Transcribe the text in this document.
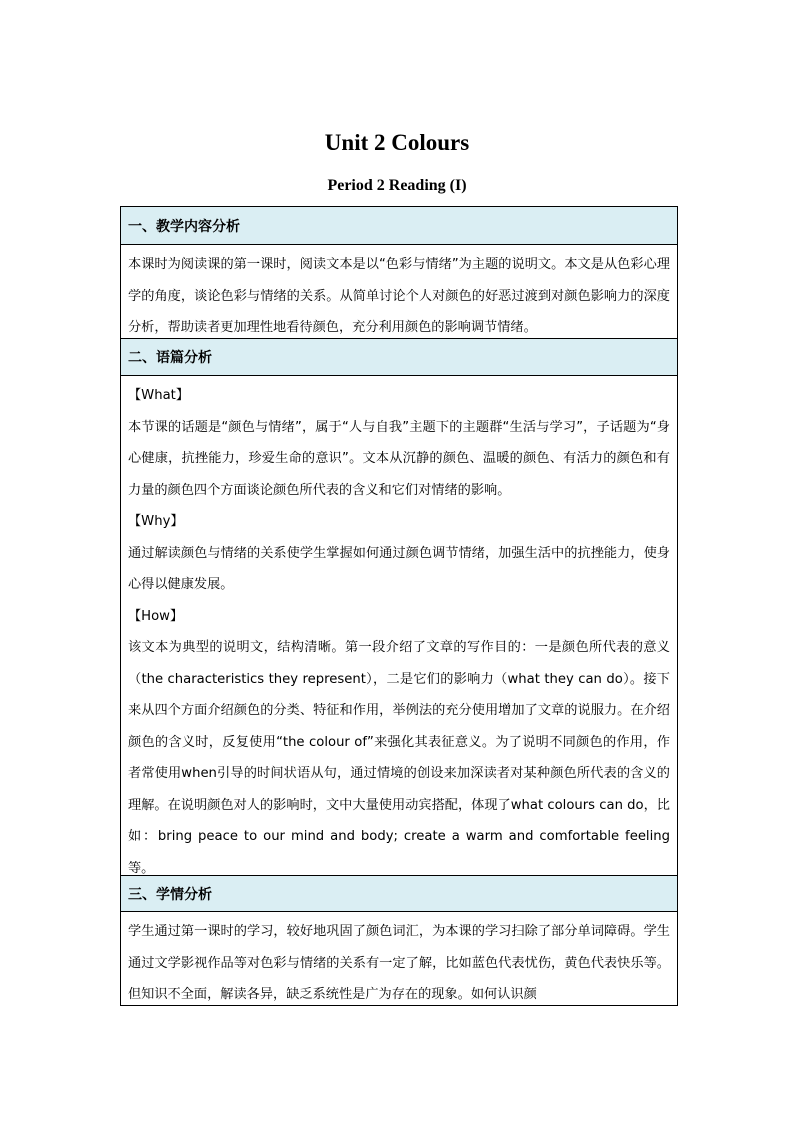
Unit 2 Colours
Period 2 Reading (I)
一、教学内容分析

本课时为阅读课的第一课时，阅读文本是以“色彩与情绪”为主题的说明文。本文是从色彩心理学的角度，谈论色彩与情绪的关系。从简单讨论个人对颜色的好恶过渡到对颜色影响力的深度分析，帮助读者更加理性地看待颜色，充分利用颜色的影响调节情绪。

二、语篇分析

【What】

本节课的话题是“颜色与情绪”，属于“人与自我”主题下的主题群“生活与学习”，子话题为“身心健康，抗挫能力，珍爱生命的意识”。文本从沉静的颜色、温暖的颜色、有活力的颜色和有力量的颜色四个方面谈论颜色所代表的含义和它们对情绪的影响。

【Why】

通过解读颜色与情绪的关系使学生掌握如何通过颜色调节情绪，加强生活中的抗挫能力，使身心得以健康发展。

【How】

该文本为典型的说明文，结构清晰。第一段介绍了文章的写作目的：一是颜色所代表的意义（the characteristics they represent），二是它们的影响力（what they can do）。接下来从四个方面介绍颜色的分类、特征和作用，举例法的充分使用增加了文章的说服力。在介绍颜色的含义时，反复使用“the colour of”来强化其表征意义。为了说明不同颜色的作用，作者常使用when引导的时间状语从句，通过情境的创设来加深读者对某种颜色所代表的含义的理解。在说明颜色对人的影响时，文中大量使用动宾搭配，体现了what colours can do，比如：bring peace to our mind and body; create a warm and comfortable feeling 等。

三、学情分析

学生通过第一课时的学习，较好地巩固了颜色词汇，为本课的学习扫除了部分单词障碍。学生通过文学影视作品等对色彩与情绪的关系有一定了解，比如蓝色代表忧伤，黄色代表快乐等。但知识不全面，解读各异，缺乏系统性是广为存在的现象。如何认识颜
